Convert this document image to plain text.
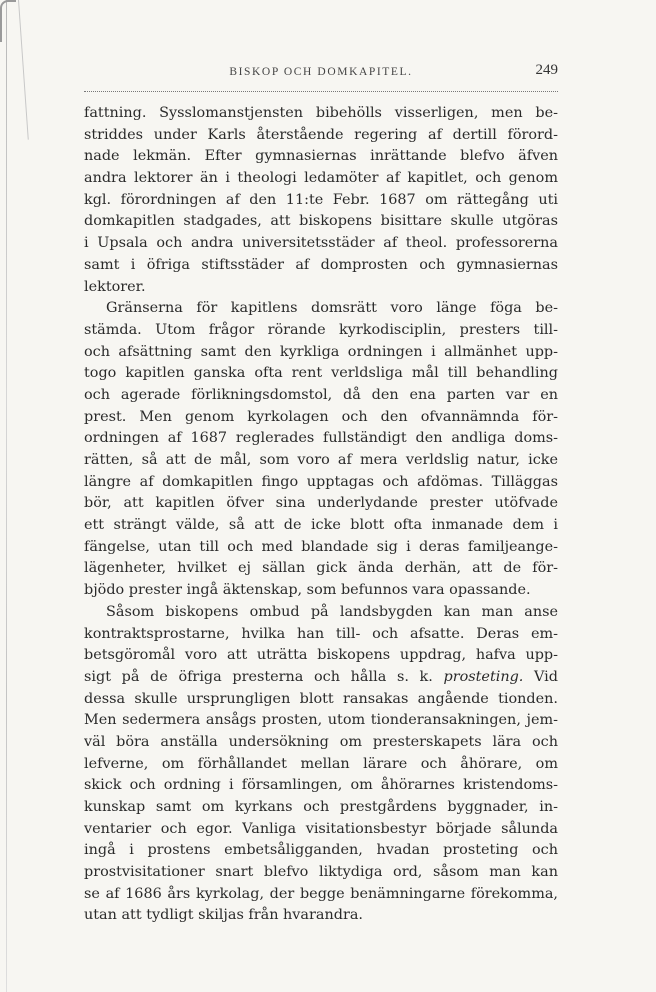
BISKOP OCH DOMKAPITEL.	249
fattning. Sysslomanstjensten bibehölls visserligen, men be-
striddes under Karls återstående regering af dertill förord-
nade lekmän. Efter gymnasiernas inrättande blefvo äfven
andra lektorer än i theologi ledamöter af kapitlet, och genom
kgl. förordningen af den 11:te Febr. 1687 om rättegång uti
domkapitlen stadgades, att biskopens bisittare skulle utgöras
i Upsala och andra universitetsstäder af theol. professorerna
samt i öfriga stiftsstäder af domprosten och gymnasiernas
lektorer.
Gränserna för kapitlens domsrätt voro länge föga be-
stämda. Utom frågor rörande kyrkodisciplin, presters till-
och afsättning samt den kyrkliga ordningen i allmänhet upp-
togo kapitlen ganska ofta rent verldsliga mål till behandling
och agerade förlikningsdomstol, då den ena parten var en
prest. Men genom kyrkolagen och den ofvannämnda för-
ordningen af 1687 reglerades fullständigt den andliga doms-
rätten, så att de mål, som voro af mera verldslig natur, icke
längre af domkapitlen fingo upptagas och afdömas. Tilläggas
bör, att kapitlen öfver sina underlydande prester utöfvade
ett strängt välde, så att de icke blott ofta inmanade dem i
fängelse, utan till och med blandade sig i deras familjeange-
lägenheter, hvilket ej sällan gick ända derhän, att de för-
bjödo prester ingå äktenskap, som befunnos vara opassande.
Såsom biskopens ombud på landsbygden kan man anse
kontraktsprostarne, hvilka han till- och afsatte. Deras em-
betsgöromål voro att uträtta biskopens uppdrag, hafva upp-
sigt på de öfriga presterna och hålla s. k. prosteting. Vid
dessa skulle ursprungligen blott ransakas angående tionden.
Men sedermera ansågs prosten, utom tionderansakningen, jem-
väl böra anställa undersökning om presterskapets lära och
lefverne, om förhållandet mellan lärare och åhörare, om
skick och ordning i församlingen, om åhörarnes kristendoms-
kunskap samt om kyrkans och prestgårdens byggnader, in-
ventarier och egor. Vanliga visitationsbestyr började sålunda
ingå i prostens embetsåligganden, hvadan prosteting och
prostvisitationer snart blefvo liktydiga ord, såsom man kan
se af 1686 års kyrkolag, der begge benämningarne förekomma,
utan att tydligt skiljas från hvarandra.
